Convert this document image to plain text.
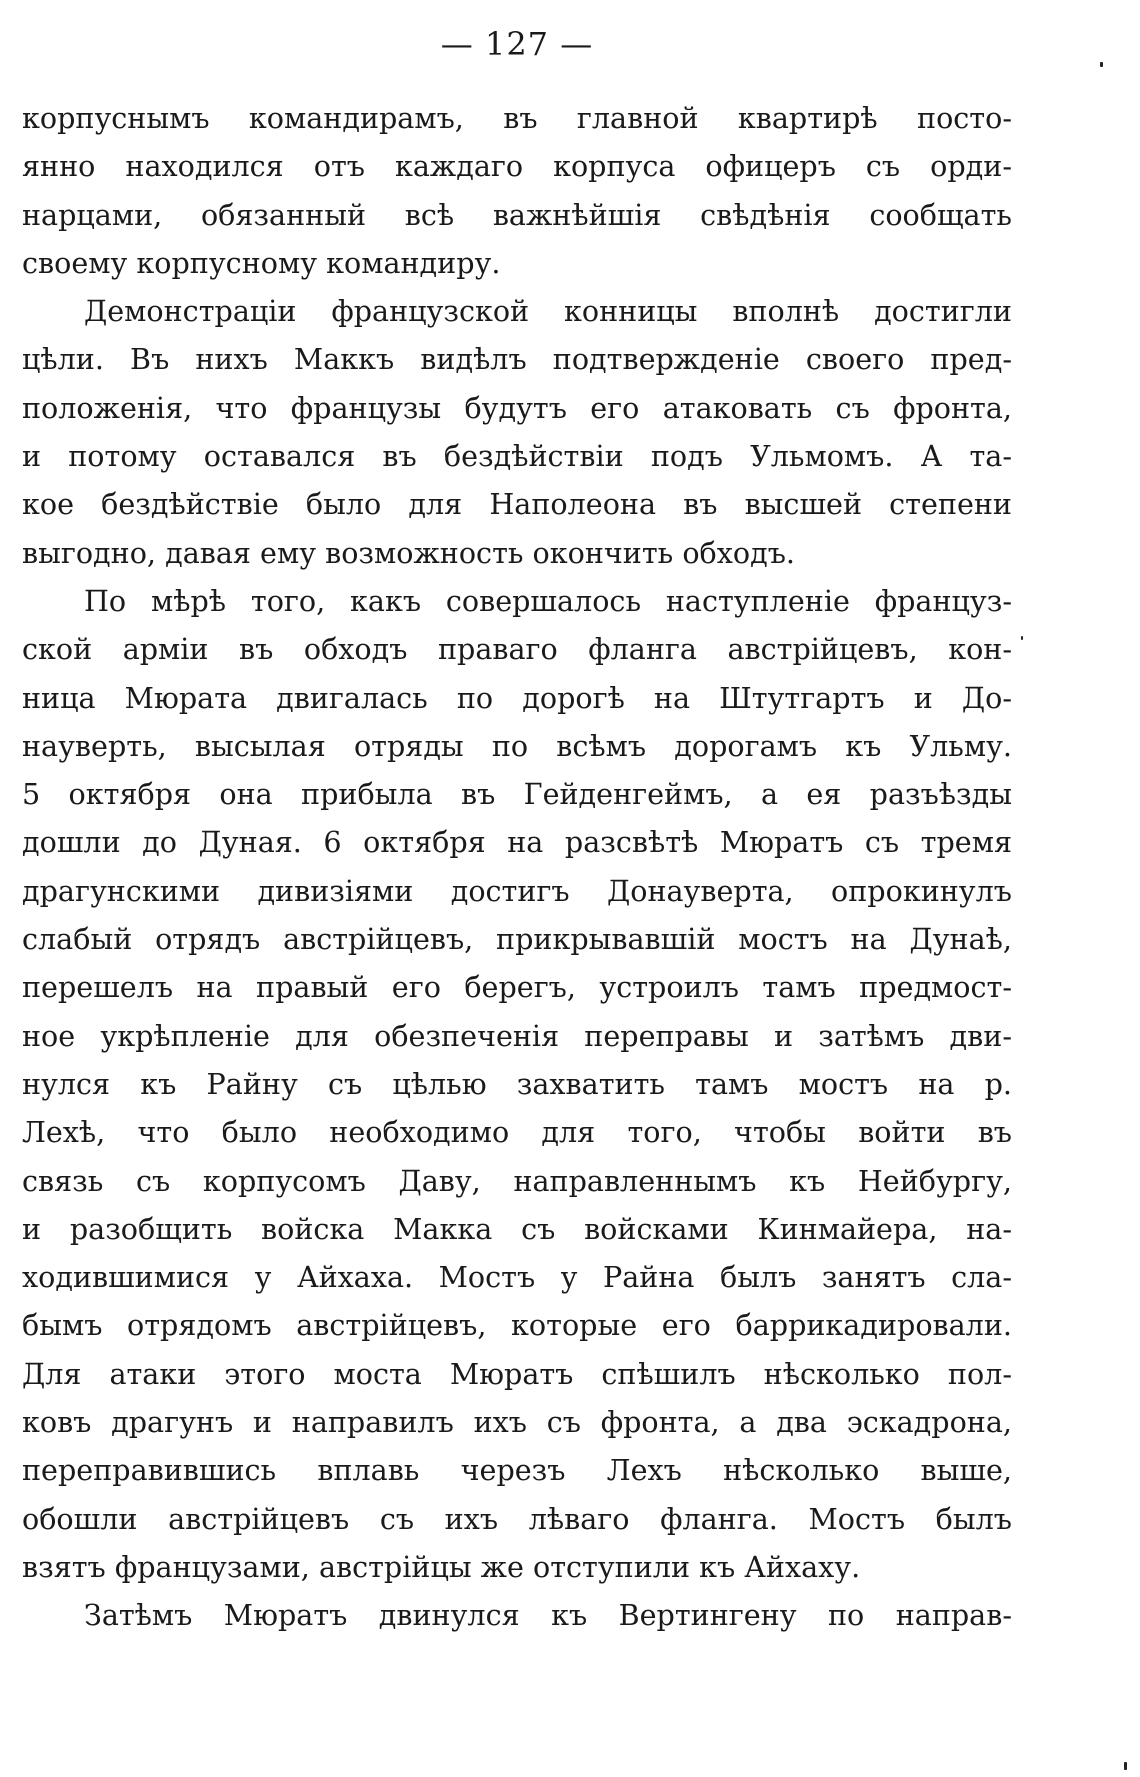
— 127 —
корпуснымъ командирамъ, въ главной квартирѣ посто-
янно находился отъ каждаго корпуса офицеръ съ орди-
нарцами, обязанный всѣ важнѣйшія свѣдѣнія сообщать
своему корпусному командиру.
Демонстраціи французской конницы вполнѣ достигли
цѣли. Въ нихъ Маккъ видѣлъ подтвержденіе своего пред-
положенія, что французы будутъ его атаковать съ фронта,
и потому оставался въ бездѣйствіи подъ Ульмомъ. А та-
кое бездѣйствіе было для Наполеона въ высшей степени
выгодно, давая ему возможность окончить обходъ.
По мѣрѣ того, какъ совершалось наступленіе француз-
ской арміи въ обходъ праваго фланга австрійцевъ, кон-
ница Мюрата двигалась по дорогѣ на Штутгартъ и До-
науверть, высылая отряды по всѣмъ дорогамъ къ Ульму.
5 октября она прибыла въ Гейденгеймъ, а ея разъѣзды
дошли до Дуная. 6 октября на разсвѣтѣ Мюратъ съ тремя
драгунскими дивизіями достигъ Донауверта, опрокинулъ
слабый отрядъ австрійцевъ, прикрывавшій мостъ на Дунаѣ,
перешелъ на правый его берегъ, устроилъ тамъ предмост-
ное укрѣпленіе для обезпеченія переправы и затѣмъ дви-
нулся къ Райну съ цѣлью захватить тамъ мостъ на р.
Лехѣ, что было необходимо для того, чтобы войти въ
связь съ корпусомъ Даву, направленнымъ къ Нейбургу,
и разобщить войска Макка съ войсками Кинмайера, на-
ходившимися у Айхаха. Мостъ у Райна былъ занятъ сла-
бымъ отрядомъ австрійцевъ, которые его баррикадировали.
Для атаки этого моста Мюратъ спѣшилъ нѣсколько пол-
ковъ драгунъ и направилъ ихъ съ фронта, а два эскадрона,
переправившись вплавь черезъ Лехъ нѣсколько выше,
обошли австрійцевъ съ ихъ лѣваго фланга. Мостъ былъ
взятъ французами, австрійцы же отступили къ Айхаху.
Затѣмъ Мюратъ двинулся къ Вертингену по направ-
